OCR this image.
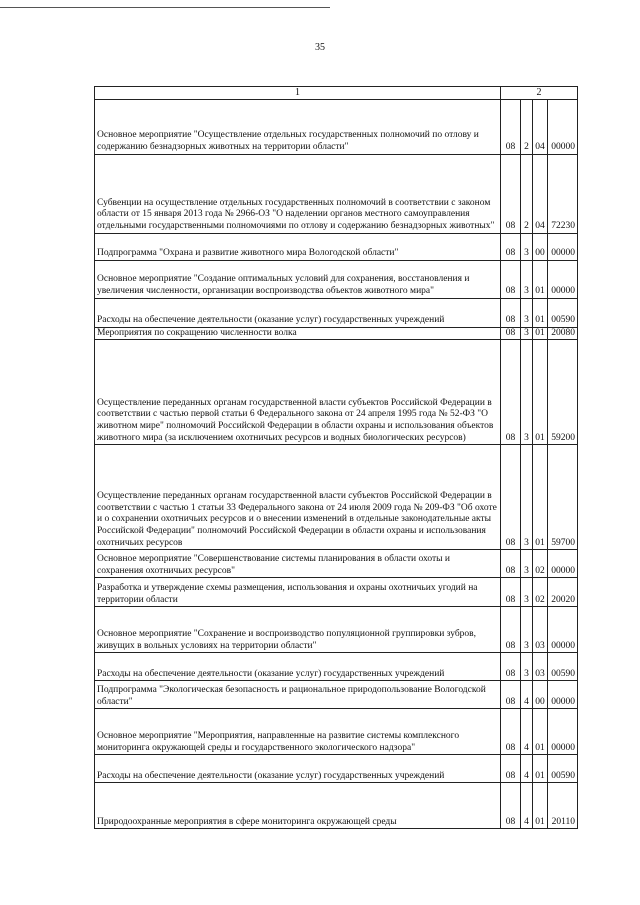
35
1	2			
Основное мероприятие "Осуществление отдельных государственных полномочий по отлову и содержанию безнадзорных животных на территории области"	08	2	04	00000
Субвенции на осуществление отдельных государственных полномочий в соответствии с законом области от 15 января 2013 года № 2966-ОЗ "О наделении органов местного самоуправления отдельными государственными полномочиями по отлову и содержанию безнадзорных животных"	08	2	04	72230
Подпрограмма "Охрана и развитие животного мира Вологодской области"	08	3	00	00000
Основное мероприятие "Создание оптимальных условий для сохранения, восстановления и увеличения численности, организации воспроизводства объектов животного мира"	08	3	01	00000
Расходы на обеспечение деятельности (оказание услуг) государственных учреждений	08	3	01	00590
Мероприятия по сокращению численности волка	08	3	01	20080
Осуществление переданных органам государственной власти субъектов Российской Федерации в соответствии с частью первой статьи 6 Федерального закона от 24 апреля 1995 года № 52-ФЗ "О животном мире" полномочий Российской Федерации в области охраны и использования объектов животного мира (за исключением охотничьих ресурсов и водных биологических ресурсов)	08	3	01	59200
Осуществление переданных органам государственной власти субъектов Российской Федерации в соответствии с частью 1 статьи 33 Федерального закона от 24 июля 2009 года № 209-ФЗ "Об охоте и о сохранении охотничьих ресурсов и о внесении изменений в отдельные законодательные акты Российской Федерации" полномочий Российской Федерации в области охраны и использования охотничьих ресурсов	08	3	01	59700
Основное мероприятие "Совершенствование системы планирования в области охоты и сохранения охотничьих ресурсов"	08	3	02	00000
Разработка и утверждение схемы размещения, использования и охраны охотничьих угодий на территории области	08	3	02	20020
Основное мероприятие "Сохранение и воспроизводство популяционной группировки зубров, живущих в вольных условиях на территории области"	08	3	03	00000
Расходы на обеспечение деятельности (оказание услуг) государственных учреждений	08	3	03	00590
Подпрограмма "Экологическая безопасность и рациональное природопользование Вологодской области"	08	4	00	00000
Основное мероприятие "Мероприятия, направленные на развитие системы комплексного мониторинга окружающей среды и государственного экологического надзора"	08	4	01	00000
Расходы на обеспечение деятельности (оказание услуг) государственных учреждений	08	4	01	00590
Природоохранные мероприятия в сфере мониторинга окружающей среды	08	4	01	20110
